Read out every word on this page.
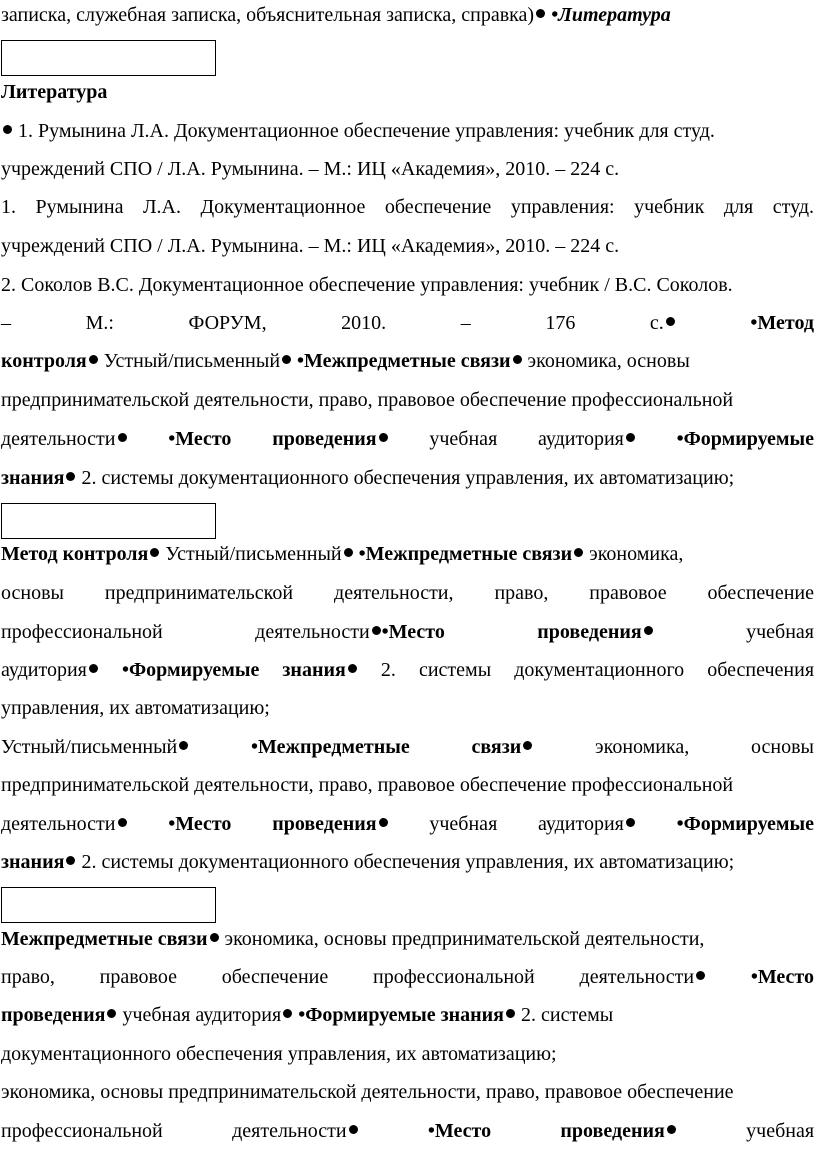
записка, служебная записка, объяснительная записка, справка) •Литература
Литература
1. Румынина Л.А. Документационное обеспечение управления: учебник для студ.
учреждений СПО / Л.А. Румынина. – М.: ИЦ «Академия», 2010. – 224 с.
1. Румынина Л.А. Документационное обеспечение управления: учебник для студ.
учреждений СПО / Л.А. Румынина. – М.: ИЦ «Академия», 2010. – 224 с.
2. Соколов В.С. Документационное обеспечение управления: учебник / В.С. Соколов.
– М.: ФОРУМ, 2010. – 176 с.	•Метод
контроля Устный/письменный •Межпредметные связи экономика, основы
предпринимательской деятельности, право, правовое обеспечение профессиональной
деятельности	•Место проведения учебная аудитория	•Формируемые
знания 2. системы документационного обеспечения управления, их автоматизацию;
Метод контроля Устный/письменный •Межпредметные связи экономика,
основы предпринимательской деятельности, право, правовое обеспечение
профессиональной	деятельности •Место	проведения учебная
аудитория •Формируемые знания 2. системы документационного обеспечения
управления, их автоматизацию;
Устный/письменный	•Межпредметные связи экономика, основы
предпринимательской деятельности, право, правовое обеспечение профессиональной
деятельности	•Место проведения учебная аудитория	•Формируемые
знания 2. системы документационного обеспечения управления, их автоматизацию;
Межпредметные связи экономика, основы предпринимательской деятельности,
право, правовое обеспечение профессиональной деятельности	•Место
проведения учебная аудитория •Формируемые знания 2. системы
документационного обеспечения управления, их автоматизацию;
экономика, основы предпринимательской деятельности, право, правовое обеспечение
профессиональной	деятельности	•Место	проведения учебная
